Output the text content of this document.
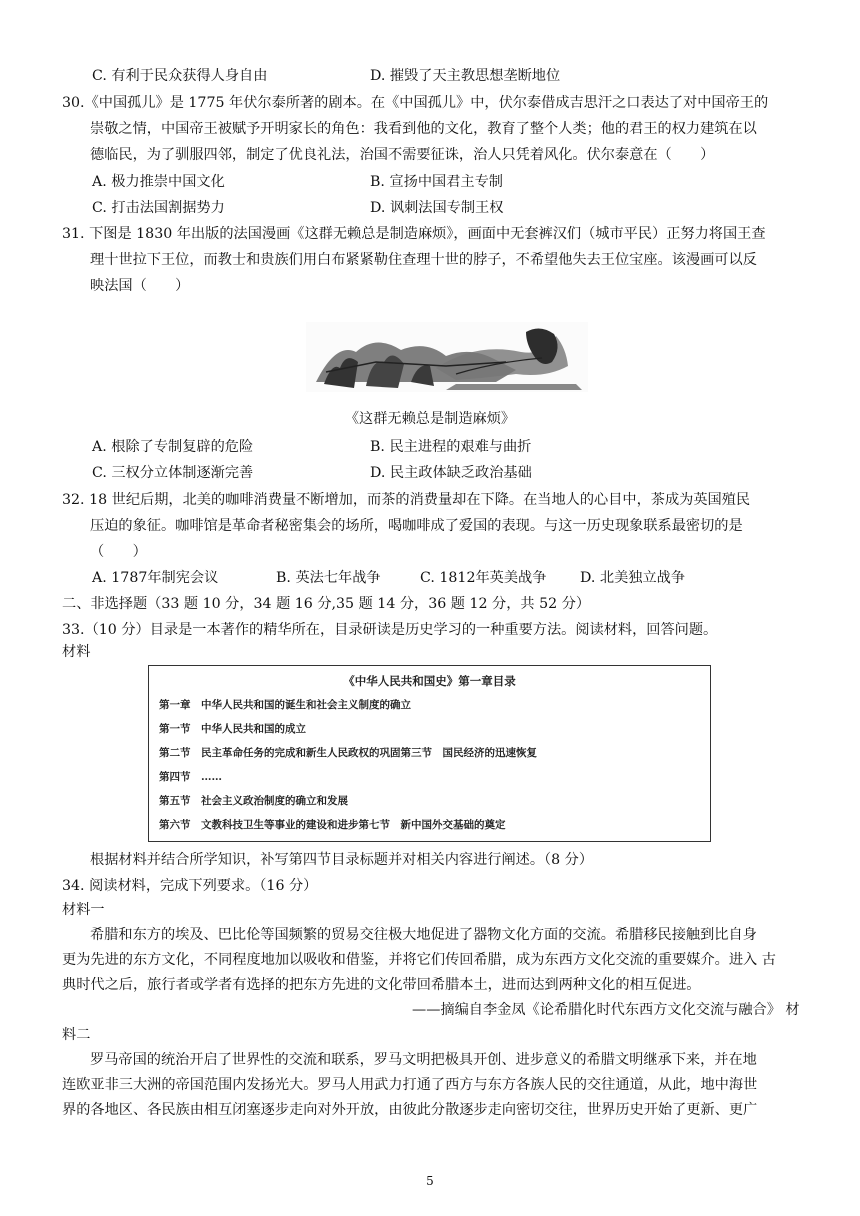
C. 有利于民众获得人身自由	D. 摧毁了天主教思想垄断地位
30.《中国孤儿》是 1775 年伏尔泰所著的剧本。在《中国孤儿》中，伏尔泰借成吉思汗之口表达了对中国帝王的
崇敬之情，中国帝王被赋予开明家长的角色：我看到他的文化，教育了整个人类；他的君王的权力建筑在以
德临民，为了驯服四邻，制定了优良礼法，治国不需要征诛，治人只凭着风化。伏尔泰意在（　　）
A. 极力推崇中国文化	B. 宣扬中国君主专制
C. 打击法国割据势力	D. 讽刺法国专制王权
31. 下图是 1830 年出版的法国漫画《这群无赖总是制造麻烦》，画面中无套裤汉们（城市平民）正努力将国王查
理十世拉下王位，而教士和贵族们用白布紧紧勒住查理十世的脖子，不希望他失去王位宝座。该漫画可以反
映法国（　　）
《这群无赖总是制造麻烦》
A. 根除了专制复辟的危险	B. 民主进程的艰难与曲折
C. 三权分立体制逐渐完善	D. 民主政体缺乏政治基础
32. 18 世纪后期，北美的咖啡消费量不断增加，而茶的消费量却在下降。在当地人的心目中，茶成为英国殖民
压迫的象征。咖啡馆是革命者秘密集会的场所，喝咖啡成了爱国的表现。与这一历史现象联系最密切的是
（　　）
A. 1787年制宪会议	B. 英法七年战争	C. 1812年英美战争 D. 北美独立战争
二、非选择题（33 题 10 分，34 题 16 分,35 题 14 分，36 题 12 分，共 52 分）
33.（10 分）目录是一本著作的精华所在，目录研读是历史学习的一种重要方法。阅读材料，回答问题。
材料
《中华人民共和国史》第一章目录
第一章　中华人民共和国的诞生和社会主义制度的确立
第一节　中华人民共和国的成立
第二节　民主革命任务的完成和新生人民政权的巩固第三节　国民经济的迅速恢复
第四节　……
第五节　社会主义政治制度的确立和发展
第六节　文教科技卫生等事业的建设和进步第七节　新中国外交基础的奠定
根据材料并结合所学知识，补写第四节目录标题并对相关内容进行阐述。（8 分）
34. 阅读材料，完成下列要求。（16 分）
材料一
希腊和东方的埃及、巴比伦等国频繁的贸易交往极大地促进了器物文化方面的交流。希腊移民接触到比自身
更为先进的东方文化，不同程度地加以吸收和借鉴，并将它们传回希腊，成为东西方文化交流的重要媒介。进入 古
典时代之后，旅行者或学者有选择的把东方先进的文化带回希腊本土，进而达到两种文化的相互促进。
——摘编自李金凤《论希腊化时代东西方文化交流与融合》 材
料二
罗马帝国的统治开启了世界性的交流和联系，罗马文明把极具开创、进步意义的希腊文明继承下来，并在地
连欧亚非三大洲的帝国范围内发扬光大。罗马人用武力打通了西方与东方各族人民的交往通道，从此，地中海世
界的各地区、各民族由相互闭塞逐步走向对外开放，由彼此分散逐步走向密切交往，世界历史开始了更新、更广
5
